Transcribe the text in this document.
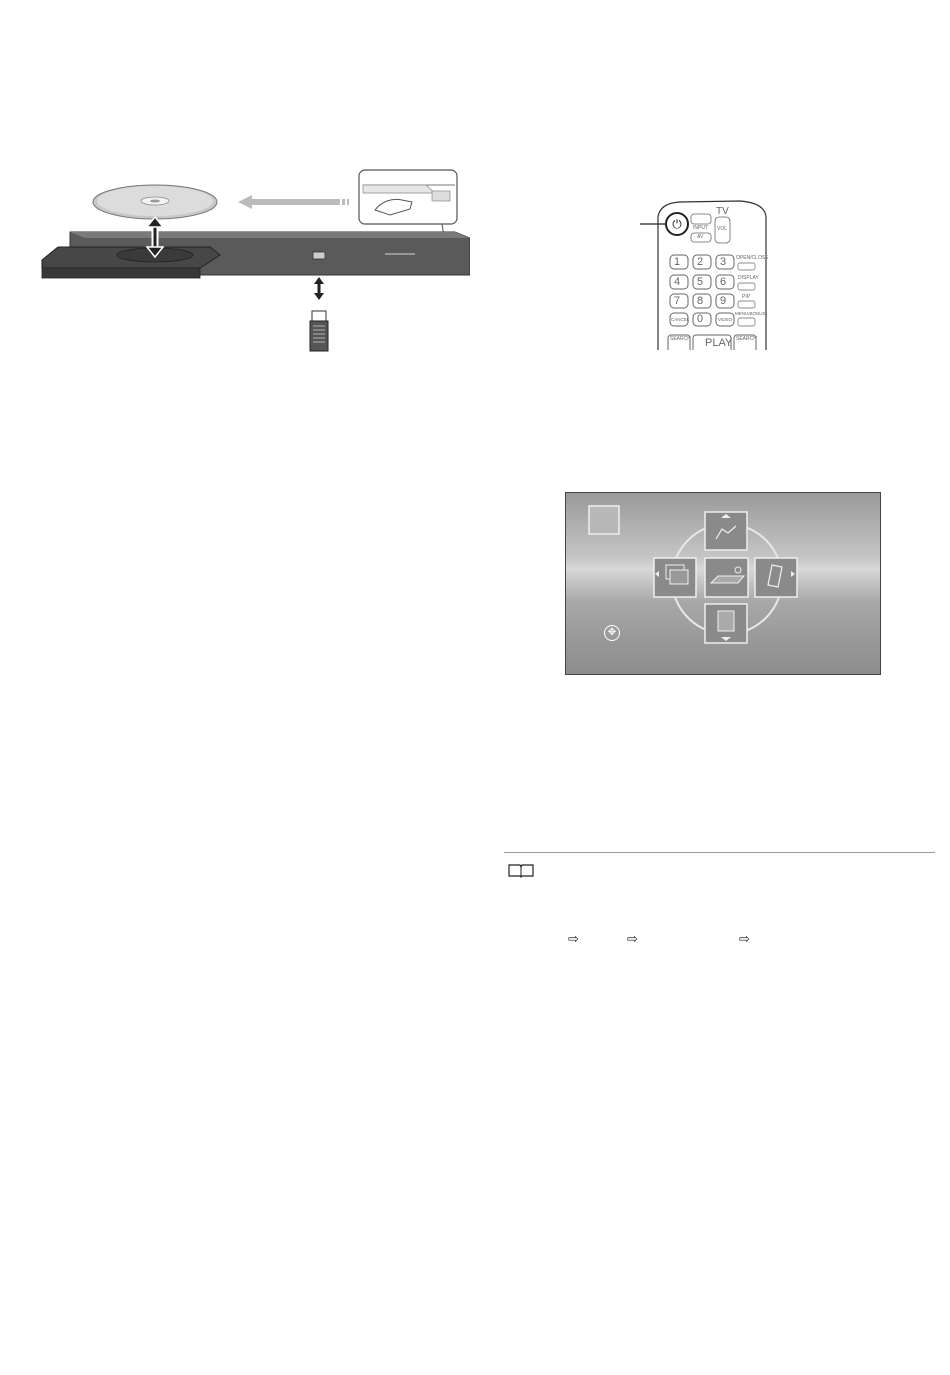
⏻
TV
INPUT
AV
VOL
1 2 3
4 5 6
7 8 9
0
OPEN/CLOSE
DISPLAY
PIP
CANCEL	VIDEO
MENU/BONUS
SEARCH PLAY SEARCH
✥
⇨	⇨	⇨
